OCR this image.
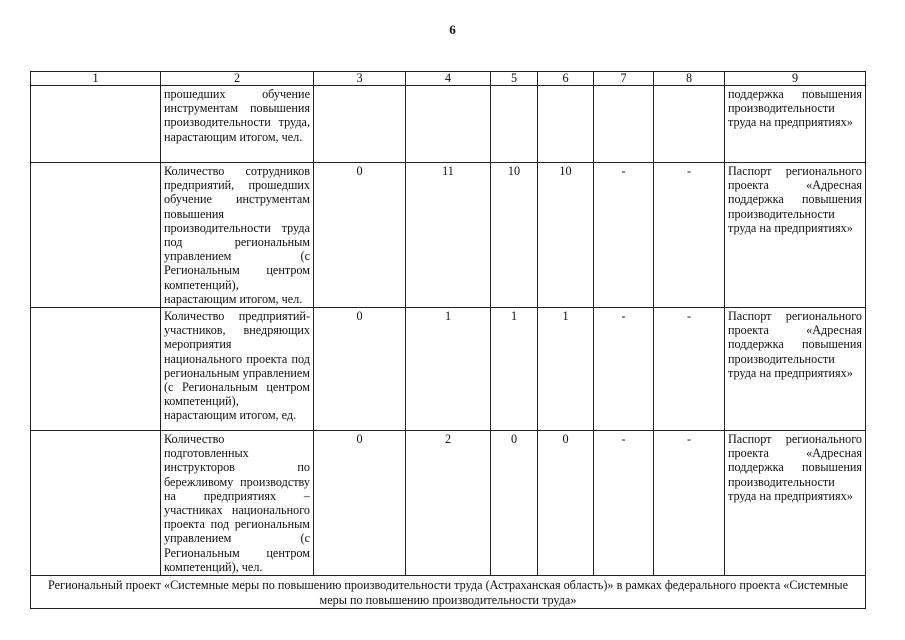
6
1	2	3	4	5	6	7	8	9
	прошедших обучение инструментам повышения производительности труда, нарастающим итогом, чел.							поддержка повышения производительности труда на предприятиях»
	Количество сотрудников предприятий, прошедших обучение инструментам повышения производительности труда под региональным управлением (с Региональным центром компетенций), нарастающим итогом, чел.	0	11	10	10	-	-	Паспорт регионального проекта «Адресная поддержка повышения производительности труда на предприятиях»
	Количество предприятий-участников, внедряющих мероприятия национального проекта под региональным управлением (с Региональным центром компетенций), нарастающим итогом, ед.	0	1	1	1	-	-	Паспорт регионального проекта «Адресная поддержка повышения производительности труда на предприятиях»
	Количество подготовленных инструкторов по бережливому производству на предприятиях – участниках национального проекта под региональным управлением (с Региональным центром компетенций), чел.	0	2	0	0	-	-	Паспорт регионального проекта «Адресная поддержка повышения производительности труда на предприятиях»
Региональный проект «Системные меры по повышению производительности труда (Астраханская область)» в рамках федерального проекта «Системные меры по повышению производительности труда»								
